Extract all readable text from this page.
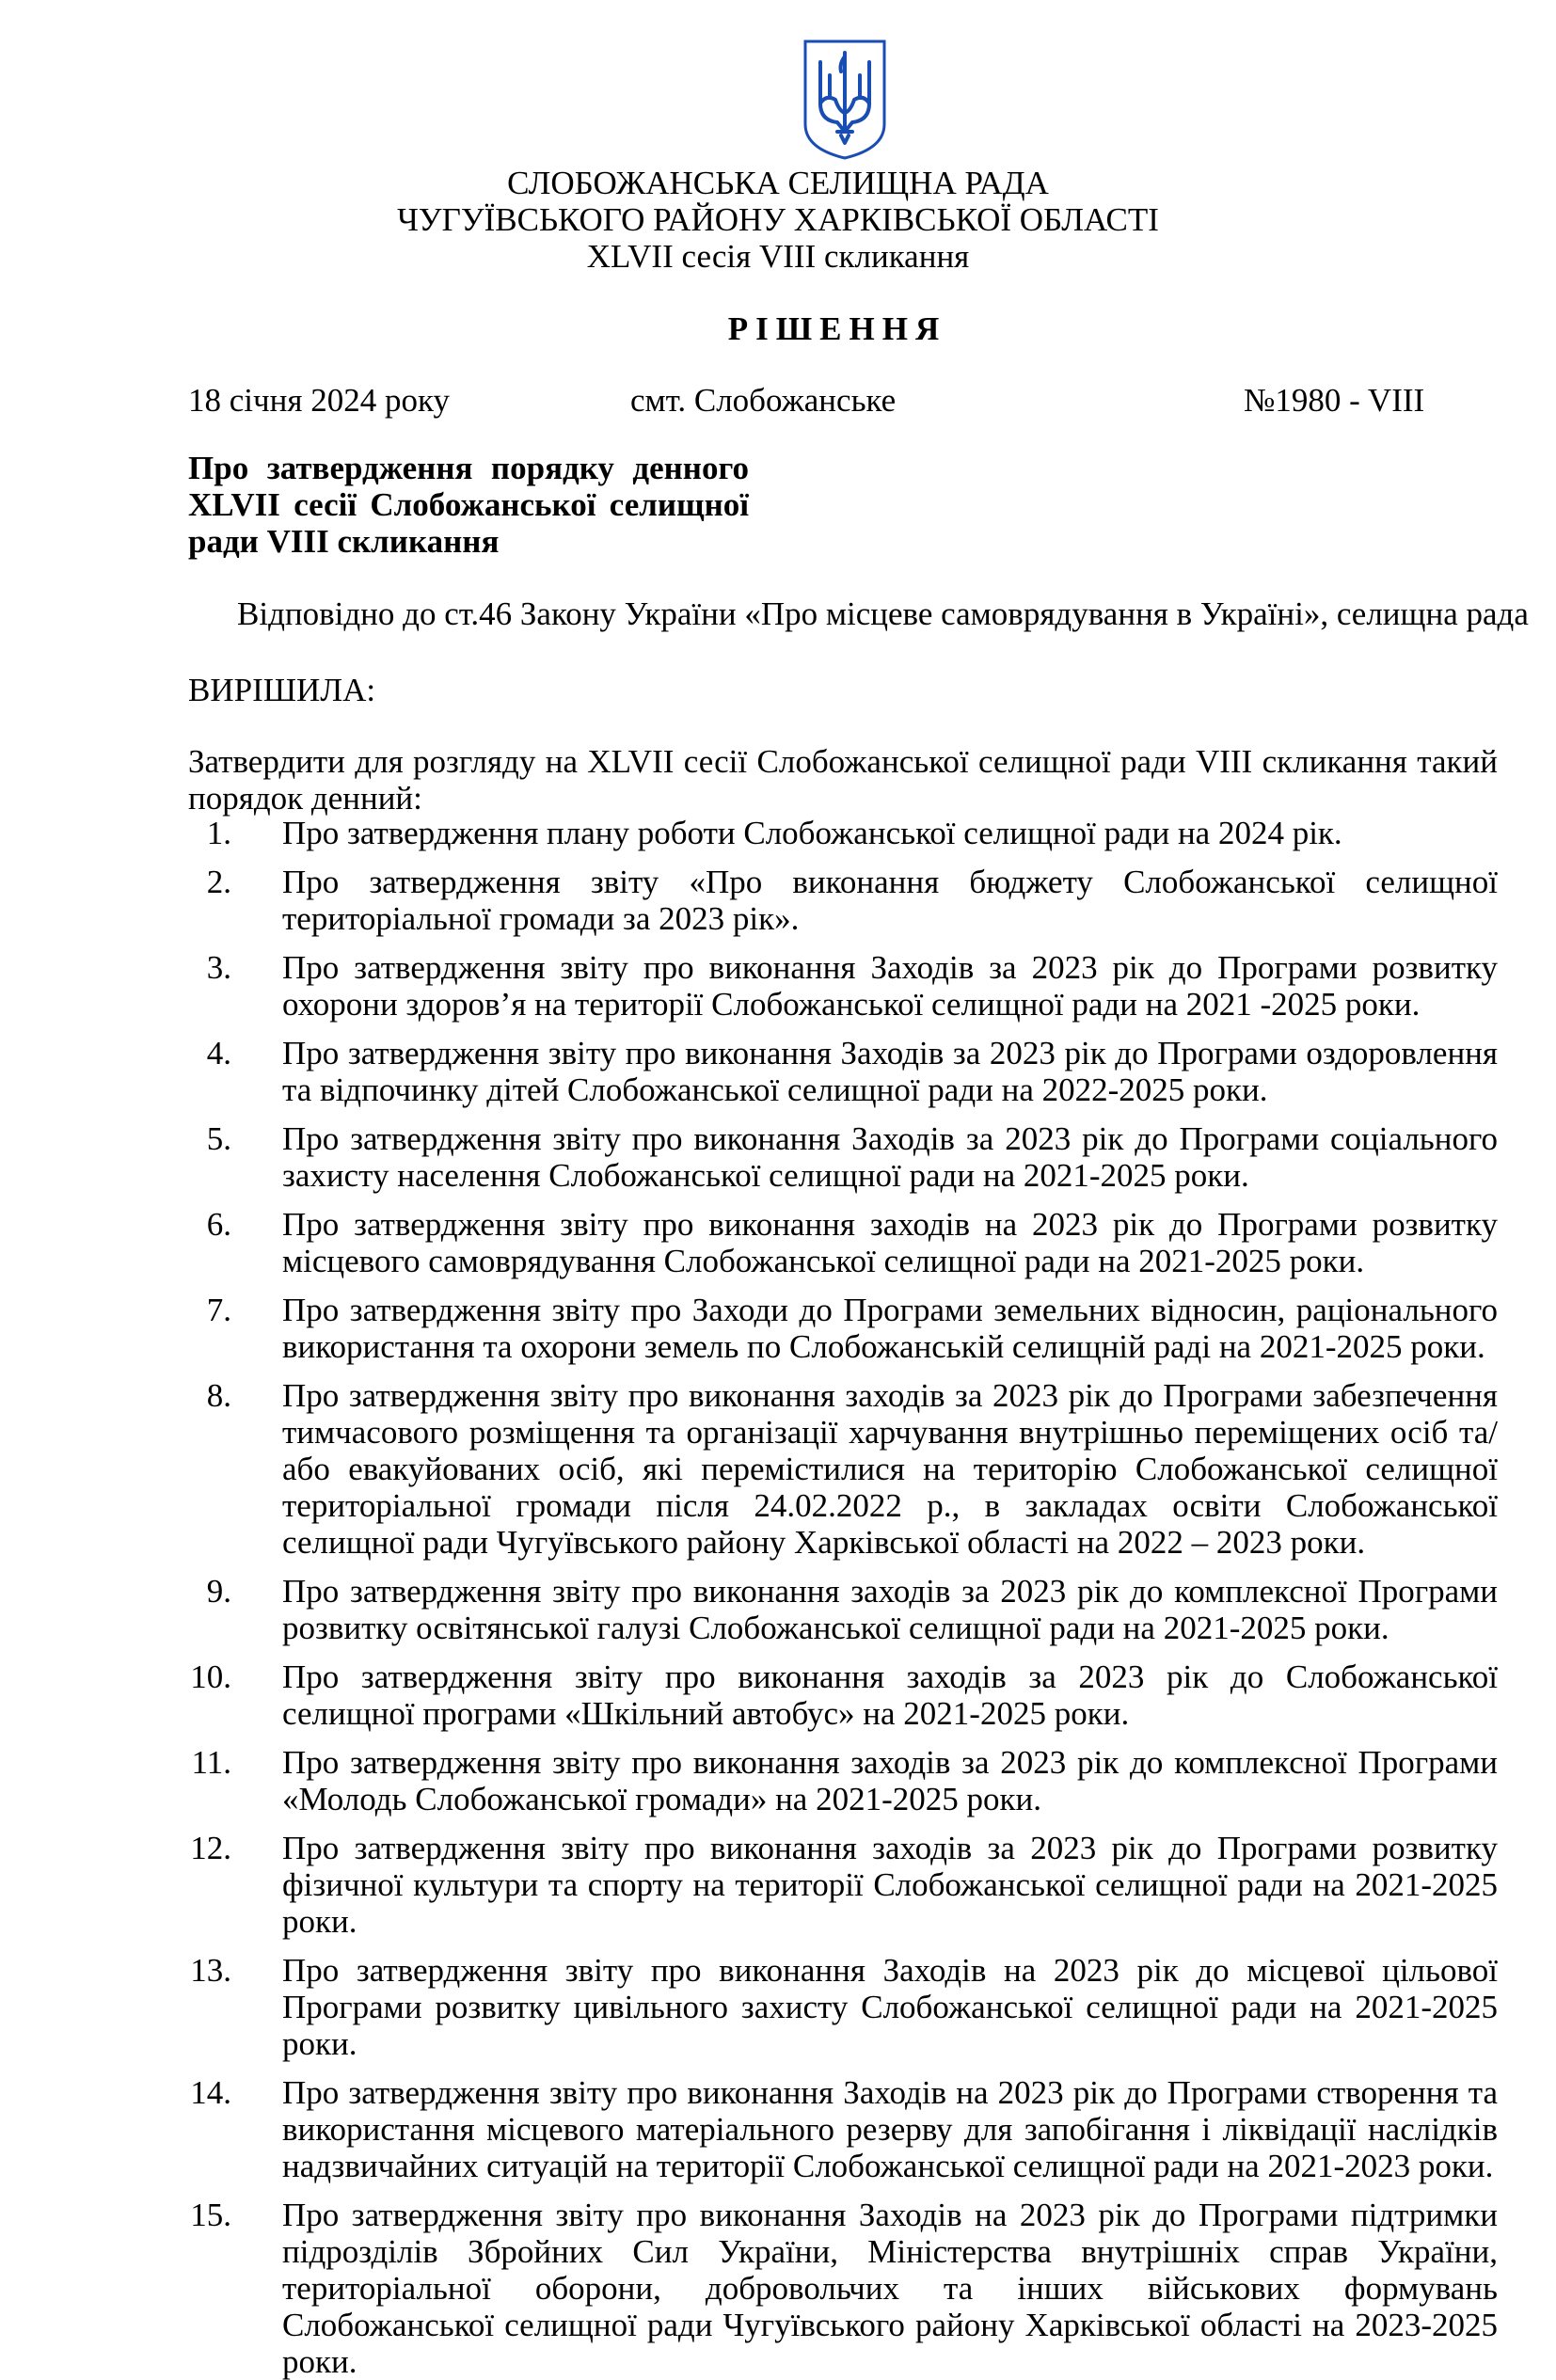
СЛОБОЖАНСЬКА СЕЛИЩНА РАДА
ЧУГУЇВСЬКОГО РАЙОНУ ХАРКІВСЬКОЇ ОБЛАСТІ
XLVII сесія VIII скликання
РІШЕННЯ
18 січня 2024 року	смт. Слобожанське	№1980 - VIII
Про затвердження порядку денного
XLVII сесії Слобожанської селищної
ради VIII скликання
Відповідно до ст.46 Закону України «Про місцеве самоврядування в Україні», селищна рада
ВИРІШИЛА:
Затвердити для розгляду на XLVII сесії Слобожанської селищної ради VIII скликання такий порядок денний:
1. Про затвердження плану роботи Слобожанської селищної ради на 2024 рік.
2. Про затвердження звіту «Про виконання бюджету Слобожанської селищної територіальної громади за 2023 рік».
3. Про затвердження звіту про виконання Заходів за 2023 рік до Програми розвитку охорони здоров’я на території Слобожанської селищної ради на 2021 -2025 роки.
4. Про затвердження звіту про виконання Заходів за 2023 рік до Програми оздоровлення та відпочинку дітей Слобожанської селищної ради на 2022-2025 роки.
5. Про затвердження звіту про виконання Заходів за 2023 рік до Програми соціального захисту населення Слобожанської селищної ради на 2021-2025 роки.
6. Про затвердження звіту про виконання заходів на 2023 рік до Програми розвитку місцевого самоврядування Слобожанської селищної ради на 2021-2025 роки.
7. Про затвердження звіту про Заходи до Програми земельних відносин, раціонального використання та охорони земель по Слобожанській селищній раді на 2021-2025 роки.
8. Про затвердження звіту про виконання заходів за 2023 рік до Програми забезпечення тимчасового розміщення та організації харчування внутрішньо переміщених осіб та/або евакуйованих осіб, які перемістилися на територію Слобожанської селищної територіальної громади після 24.02.2022 р., в закладах освіти Слобожанської селищної ради Чугуївського району Харківської області на 2022 – 2023 роки.
9. Про затвердження звіту про виконання заходів за 2023 рік до комплексної Програми розвитку освітянської галузі Слобожанської селищної ради на 2021-2025 роки.
10. Про затвердження звіту про виконання заходів за 2023 рік до Слобожанської селищної програми «Шкільний автобус» на 2021-2025 роки.
11. Про затвердження звіту про виконання заходів за 2023 рік до комплексної Програми «Молодь Слобожанської громади» на 2021-2025 роки.
12. Про затвердження звіту про виконання заходів за 2023 рік до Програми розвитку фізичної культури та спорту на території Слобожанської селищної ради на 2021-2025 роки.
13. Про затвердження звіту про виконання Заходів на 2023 рік до місцевої цільової Програми розвитку цивільного захисту Слобожанської селищної ради на 2021-2025 роки.
14. Про затвердження звіту про виконання Заходів на 2023 рік до Програми створення та використання місцевого матеріального резерву для запобігання і ліквідації наслідків надзвичайних ситуацій на території Слобожанської селищної ради на 2021-2023 роки.
15. Про затвердження звіту про виконання Заходів на 2023 рік до Програми підтримки підрозділів Збройних Сил України, Міністерства внутрішніх справ України, територіальної оборони, добровольчих та інших військових формувань Слобожанської селищної ради Чугуївського району Харківської області на 2023-2025 роки.
